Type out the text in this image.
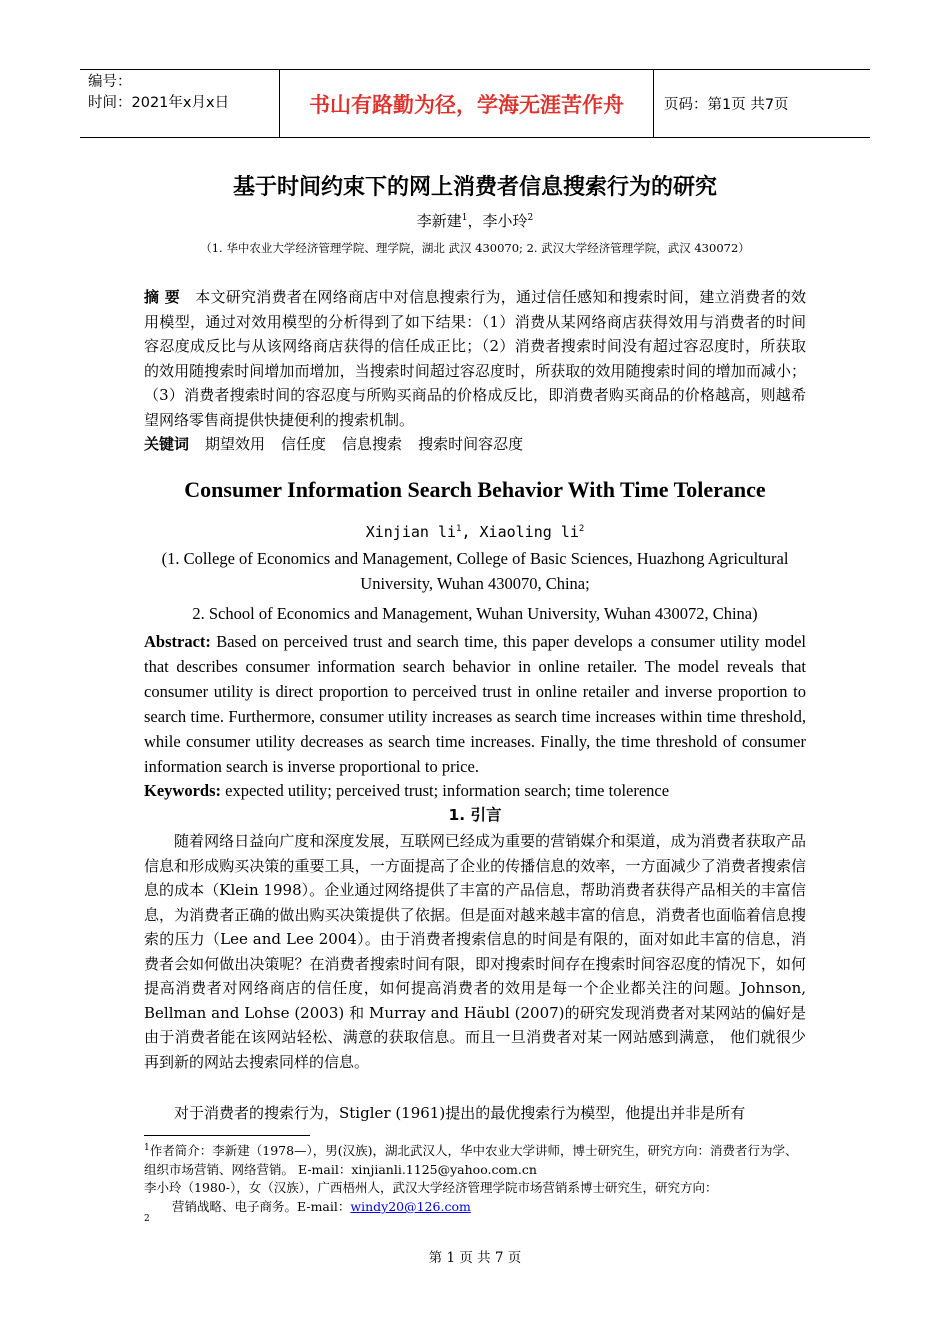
编号：
时间：2021年x月x日	书山有路勤为径，学海无涯苦作舟	页码：第1页 共7页
基于时间约束下的网上消费者信息搜索行为的研究
李新建$^1$，李小玲$^2$
（1. 华中农业大学经济管理学院、理学院，湖北 武汉 430070; 2. 武汉大学经济管理学院，武汉 430072）
摘 要 本文研究消费者在网络商店中对信息搜索行为，通过信任感知和搜索时间，建立消费者的效用模型，通过对效用模型的分析得到了如下结果：（1）消费从某网络商店获得效用与消费者的时间容忍度成反比与从该网络商店获得的信任成正比；（2）消费者搜索时间没有超过容忍度时，所获取的效用随搜索时间增加而增加，当搜索时间超过容忍度时，所获取的效用随搜索时间的增加而减小；（3）消费者搜索时间的容忍度与所购买商品的价格成反比，即消费者购买商品的价格越高，则越希望网络零售商提供快捷便利的搜索机制。
关键词 期望效用 信任度 信息搜索 搜索时间容忍度
Consumer Information Search Behavior With Time Tolerance
Xinjian $li^1$, Xiaoling $li^2$
(1. College of Economics and Management, College of Basic Sciences, Huazhong Agricultural University, Wuhan 430070, China;
2. School of Economics and Management, Wuhan University, Wuhan 430072, China)
Abstract: Based on perceived trust and search time, this paper develops a consumer utility model that describes consumer information search behavior in online retailer. The model reveals that consumer utility is direct proportion to perceived trust in online retailer and inverse proportion to search time. Furthermore, consumer utility increases as search time increases within time threshold, while consumer utility decreases as search time increases. Finally, the time threshold of consumer information search is inverse proportional to price.
Keywords: expected utility; perceived trust; information search; time tolerence
1. 引言
随着网络日益向广度和深度发展，互联网已经成为重要的营销媒介和渠道，成为消费者获取产品信息和形成购买决策的重要工具，一方面提高了企业的传播信息的效率，一方面减少了消费者搜索信息的成本（Klein 1998）。企业通过网络提供了丰富的产品信息，帮助消费者获得产品相关的丰富信息，为消费者正确的做出购买决策提供了依据。但是面对越来越丰富的信息，消费者也面临着信息搜索的压力（Lee and Lee 2004）。由于消费者搜索信息的时间是有限的，面对如此丰富的信息，消费者会如何做出决策呢？在消费者搜索时间有限，即对搜索时间存在搜索时间容忍度的情况下，如何提高消费者对网络商店的信任度，如何提高消费者的效用是每一个企业都关注的问题。Johnson, Bellman and Lohse (2003) 和 Murray and Häubl (2007)的研究发现消费者对某网站的偏好是由于消费者能在该网站轻松、满意的获取信息。而且一旦消费者对某一网站感到满意， 他们就很少再到新的网站去搜索同样的信息。
对于消费者的搜索行为，Stigler (1961)提出的最优搜索行为模型，他提出并非是所有
$^1$作者简介：李新建（1978—），男(汉族)，湖北武汉人，华中农业大学讲师，博士研究生，研究方向：消费者行为学、组织市场营销、网络营销。 E-mail：xinjianli.1125@yahoo.com.cn
李小玲（1980-），女（汉族），广西梧州人，武汉大学经济管理学院市场营销系博士研究生，研究方向：
营销战略、电子商务。E-mail：windy20@126.com
2
第 1 页 共 7 页
